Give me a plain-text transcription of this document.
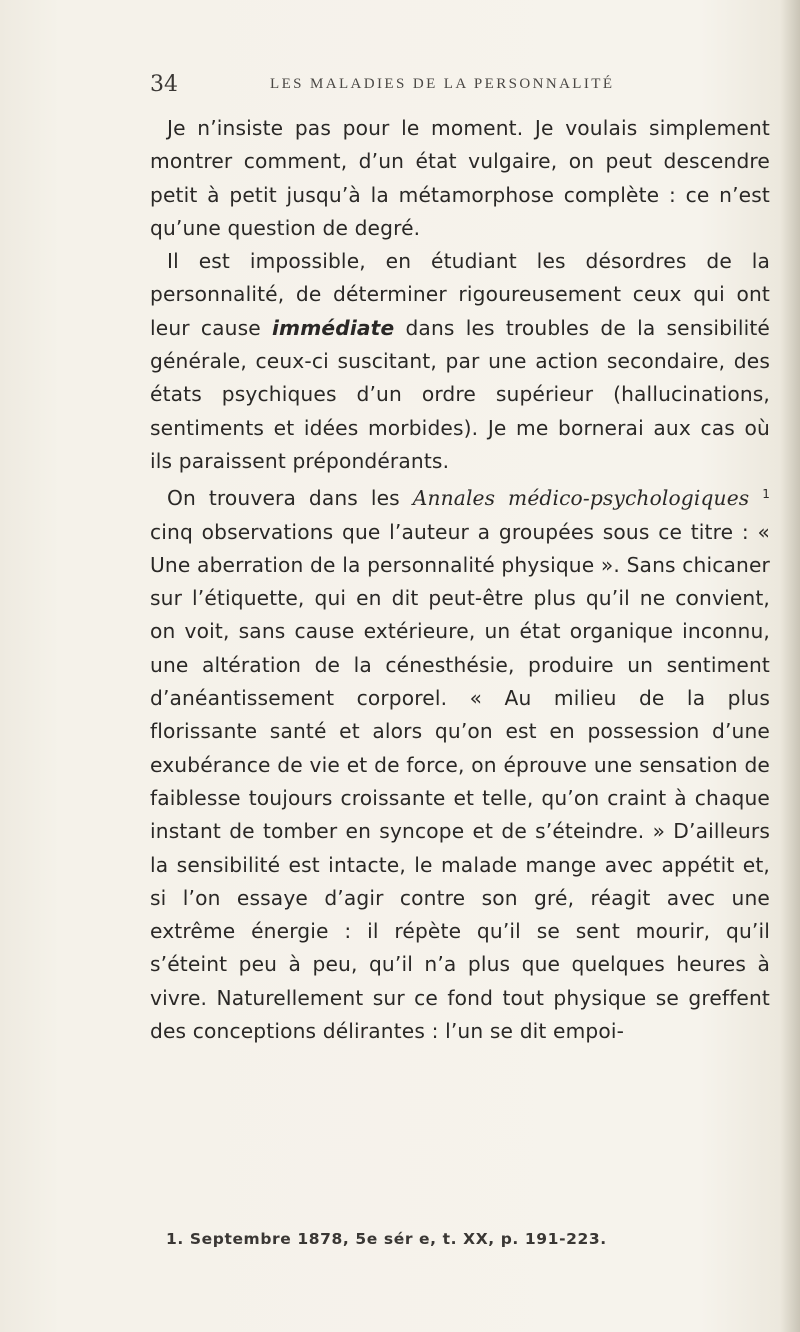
34	LES MALADIES DE LA PERSONNALITÉ

Je n’insiste pas pour le moment. Je voulais simplement montrer comment, d’un état vulgaire, on peut descendre petit à petit jusqu’à la métamorphose complète : ce n’est qu’une question de degré.

Il est impossible, en étudiant les désordres de la personnalité, de déterminer rigoureusement ceux qui ont leur cause immédiate dans les troubles de la sensibilité générale, ceux-ci suscitant, par une action secondaire, des états psychiques d’un ordre supérieur (hallucinations, sentiments et idées morbides). Je me bornerai aux cas où ils paraissent prépondérants.

On trouvera dans les Annales médico-psychologiques $^1$ cinq observations que l’auteur a groupées sous ce titre : « Une aberration de la personnalité physique ». Sans chicaner sur l’étiquette, qui en dit peut-être plus qu’il ne convient, on voit, sans cause extérieure, un état organique inconnu, une altération de la cénesthésie, produire un sentiment d’anéantissement corporel. « Au milieu de la plus florissante santé et alors qu’on est en possession d’une exubérance de vie et de force, on éprouve une sensation de faiblesse toujours croissante et telle, qu’on craint à chaque instant de tomber en syncope et de s’éteindre. » D’ailleurs la sensibilité est intacte, le malade mange avec appétit et, si l’on essaye d’agir contre son gré, réagit avec une extrême énergie : il répète qu’il se sent mourir, qu’il s’éteint peu à peu, qu’il n’a plus que quelques heures à vivre. Naturellement sur ce fond tout physique se greffent des conceptions délirantes : l’un se dit empoi-

1. Septembre 1878, 5e sér e, t. XX, p. 191-223.
